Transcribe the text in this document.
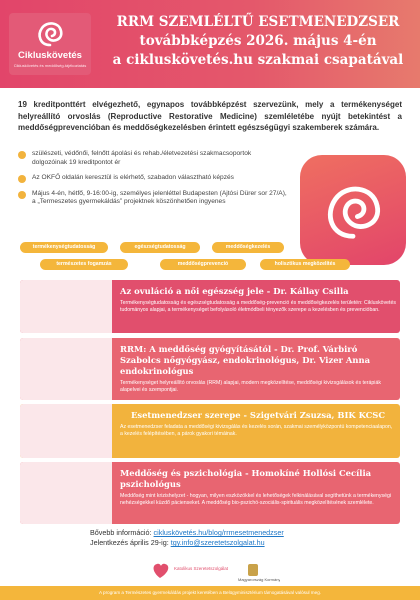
Cikluskövetés
Cikluskövetés és meddőség-tájékoztatás
RRM SZEMLÉLTŰ ESETMENEDZSER
továbbképzés 2026. május 4-én
a cikluskövetés.hu szakmai csapatával
19 kreditponttért elvégezhető, egynapos továbbképzést szervezünk, mely a termékenységet helyreállító orvoslás (Reproductive Restorative Medicine) szemléletébe nyújt betekintést a meddőségprevencióban és meddőségkezelésben érintett egészségügyi szakemberek számára.
szülészeti, védőnői, felnőtt ápolási és rehab./életvezetési szakmacsoportok dolgozóinak 19 kreditpontot ér
Az OKFŐ oldalán keresztül is elérhető, szabadon választható képzés
Május 4-én, hétfő, 9-16:00-ig, személyes jelenléttel Budapesten (Ajtósi Dürer sor 27/A), a „Termeszetes gyermekáldás” projektnek köszönhetően ingyenes
termékenységtudatosság	egészségtudatosság	meddőségkezelés
természetes fogamzás	meddőségprevenció	holisztikus megközelítés
Az ovuláció a női egészség jele - Dr. Kállay Csilla

Termékenységtudatosság és egészségtudatosság a meddőség-prevenció és meddőségkezelés területén: Cikluskövetés tudományos alapjai, a termékenységet befolyásoló életmódbeli tényezők szerepe a kezelésben és prevencióban.

RRM: A meddőség gyógyításától - Dr. Prof. Várbiró Szabolcs nőgyógyász, endokrinológus, Dr. Vizer Anna endokrinológus

Termékenységet helyreállító orvoslás (RRM) alapjai, modern megközelítése, meddőségi kivizsgálások és terápiák alapelvei és szempontjai.

Esetmenedzser szerepe - Szigetvári Zsuzsa, BIK KCSC

Az esetmenedzser feladata a meddőségi kivizsgálás és kezelés során, szakmai személyközpontú kompetenciaalapon, a kezelés felépítésében, a párok gyakori témáinak.

Meddőség és pszichológia - Homokíné Hollósi Cecília pszichológus

Meddőség mint krizishelyzet - hogyan, milyen eszközökkel és lehetőségek felkinálásával segíthetünk a termékenységi nehézségekkel küzdő pácienseket. A meddőség bio-pszichó-szociális-spirituális megközelítésének szemlélete.

Bővebb információ: cikluskövetés.hu/blog/rrmesetmenedzser
Jelentkezés április 29-ig: tgy.info@szeretetszolgalat.hu
Katolikus Szeretetszolgálat
Magyarország Kormánya
A program a Természetes gyermekáldás projekt keretében a Belügyminisztérium támogatásával valósul meg.
